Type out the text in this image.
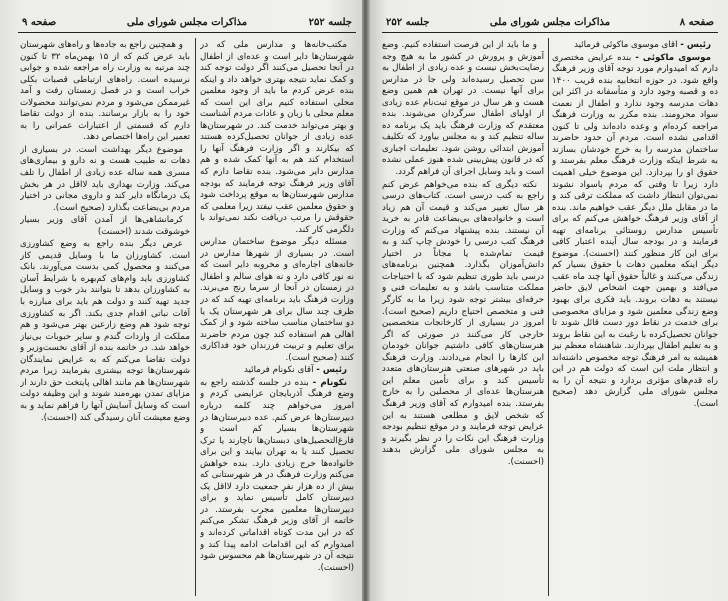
مذاکرات مجلس شورای ملی	جلسه ۲۵۲
صفحه ۹

مکتب‌خانه‌ها و مدارس ملی که در شهرستان‌ها دایر است و عده‌ای از اطفال در آنجا تحصیل می‌کنند اگر دولت توجه کند و کمک نماید نتیجه بهتری خواهد داد و اینکه بنده عرض کردم ما باید از وجود معلمین محلی استفاده کنیم برای این است که معلم محلی با زبان و عادات مردم آشناست و بهتر می‌تواند خدمت کند. در شهرستان‌ها عده زیادی از جوانان تحصیل‌کرده هستند که بیکارند و اگر وزارت فرهنگ آنها را استخدام کند هم به آنها کمک شده و هم مدارس دایر می‌شود. بنده تقاضا دارم که آقای وزیر فرهنگ توجه فرمایند که بودجه مدارس شهرستان‌ها به موقع پرداخت شود و حقوق معلمین عقب نیفتد زیرا معلمی که حقوقش را مرتب دریافت نکند نمی‌تواند با دلگرمی کار کند.

مسئله دیگر موضوع ساختمان مدارس است. در بسیاری از شهرها مدارس در خانه‌های اجاره‌ای و مخروبه دایر است که نه نور کافی دارد و نه هوای سالم و اطفال در زمستان در آنجا از سرما رنج می‌برند. وزارت فرهنگ باید برنامه‌ای تهیه کند که در ظرف چند سال برای هر شهرستان یک یا دو ساختمان مناسب ساخته شود و از کمک اهالی هم استفاده کند چون مردم حاضرند برای تعلیم و تربیت فرزندان خود فداکاری کنند (صحیح است).

رئیس - آقای نکونام فرمائید

نکونام - بنده در جلسه گذشته راجع به وضع فرهنگ آذربایجان عرایضی کردم و امروز می‌خواهم چند کلمه درباره دبیرستان‌ها عرض کنم. عده دبیرستان‌ها در شهرستان‌ها بسیار کم است و فارغ‌التحصیل‌های دبستان‌ها ناچارند یا ترک تحصیل کنند یا به تهران بیایند و این برای خانواده‌ها خرج زیادی دارد. بنده خواهش می‌کنم وزارت فرهنگ در هر شهرستانی که بیش از ده هزار نفر جمعیت دارد لااقل یک دبیرستان کامل تأسیس نماید و برای دبیرستان‌ها معلمین مجرب بفرستد. در خاتمه از آقای وزیر فرهنگ تشکر می‌کنم که در این مدت کوتاه اقداماتی کرده‌اند و امیدوارم که این اقدامات ادامه پیدا کند و نتیجه آن در شهرستان‌ها هم محسوس شود (احسنت).

و همچنین راجع به جاده‌ها و راه‌های شهرستان باید عرض کنم که از ۱۵ بهمن‌ماه ۳۲ تا کنون چند مرتبه به وزارت راه مراجعه شده و جوابی نرسیده است. راه‌های ارتباطی قصبات بکلی خراب است و در فصل زمستان رفت و آمد غیرممکن می‌شود و مردم نمی‌توانند محصولات خود را به بازار برسانند. بنده از دولت تقاضا دارم که قسمتی از اعتبارات عمرانی را به تعمیر این راه‌ها اختصاص دهد.

موضوع دیگر بهداشت است. در بسیاری از دهات نه طبیب هست و نه دارو و بیماری‌های مسری همه ساله عده زیادی از اطفال را تلف می‌کند. وزارت بهداری باید لااقل در هر بخش یک درمانگاه دایر کند و داروی مجانی در اختیار مردم بی‌بضاعت بگذارد (صحیح است).

کرمانشاهی‌ها از آمدن آقای وزیر بسیار خوشوقت شدند (احسنت)

عرض دیگر بنده راجع به وضع کشاورزی است. کشاورزان ما با وسایل قدیمی کار می‌کنند و محصول کمی بدست می‌آورند. بانک کشاورزی باید وام‌های کم‌بهره با شرایط آسان به کشاورزان بدهد تا بتوانند بذر خوب و وسایل جدید تهیه کنند و دولت هم باید برای مبارزه با آفات نباتی اقدام جدی بکند. اگر به کشاورزی توجه شود هم وضع زارعین بهتر می‌شود و هم مملکت از واردات گندم و سایر حبوبات بی‌نیاز خواهد شد. در خاتمه بنده از آقای نخست‌وزیر و دولت تقاضا می‌کنم که به عرایض نمایندگان شهرستان‌ها توجه بیشتری بفرمایند زیرا مردم شهرستان‌ها هم مانند اهالی پایتخت حق دارند از مزایای تمدن بهره‌مند شوند و این وظیفه دولت است که وسایل آسایش آنها را فراهم نماید و به وضع معیشت آنان رسیدگی کند (احسنت).

مذاکرات مجلس شورای ملی
جلسه ۲۵۲	صفحه ۸

رئیس - آقای موسوی ماکوئی فرمائید

موسوی ماکوئی - بنده عرایض مختصری دارم که امیدوارم مورد توجه آقای وزیر فرهنگ واقع شود. در حوزه انتخابیه بنده قریب ۱۴۰۰ ده و قصبه وجود دارد و متأسفانه در اکثر این دهات مدرسه وجود ندارد و اطفال از نعمت سواد محرومند. بنده مکرر به وزارت فرهنگ مراجعه کرده‌ام و وعده داده‌اند ولی تا کنون اقدامی نشده است. مردم آن حدود حاضرند ساختمان مدرسه را به خرج خودشان بسازند به شرط اینکه وزارت فرهنگ معلم بفرستد و حقوق او را بپردازد. این موضوع خیلی اهمیت دارد زیرا تا وقتی که مردم باسواد نشوند نمی‌توان انتظار داشت که مملکت ترقی کند و ما در مقابل ملل دیگر عقب خواهیم ماند. بنده از آقای وزیر فرهنگ خواهش می‌کنم که برای تأسیس مدارس روستائی برنامه‌ای تهیه فرمایند و در بودجه سال آینده اعتبار کافی برای این کار منظور کنند (احسنت). موضوع دیگر اینکه معلمین دهات با حقوق بسیار کم زندگی می‌کنند و غالباً حقوق آنها چند ماه عقب می‌افتد و بهمین جهت اشخاص لایق حاضر نیستند به دهات بروند. باید فکری برای بهبود وضع زندگی معلمین شود و مزایای مخصوصی برای خدمت در نقاط دور دست قائل شوند تا جوانان تحصیل‌کرده با رغبت به این نقاط بروند و به تعلیم اطفال بپردازند. شاهنشاه معظم نیز همیشه به امر فرهنگ توجه مخصوص داشته‌اند و انتظار ملت این است که دولت هم در این راه قدم‌های مؤثری بردارد و نتیجه آن را به مجلس شورای ملی گزارش دهد (صحیح است).

و ما باید از این فرصت استفاده کنیم. وضع آموزش و پرورش در کشور ما به هیچ وجه رضایت‌بخش نیست و عده زیادی از اطفال به سن تحصیل رسیده‌اند ولی جا در مدارس برای آنها نیست. در تهران هم همین وضع هست و هر سال در موقع ثبت‌نام عده زیادی از اولیای اطفال سرگردان می‌شوند. بنده معتقدم که وزارت فرهنگ باید یک برنامه ده ساله تنظیم کند و به مجلس بیاورد که تکلیف آموزش ابتدائی روشن شود. تعلیمات اجباری که در قانون پیش‌بینی شده هنوز عملی نشده است و باید وسایل اجرای آن فراهم گردد.

نکته دیگری که بنده می‌خواهم عرض کنم راجع به کتب درسی است. کتاب‌های درسی هر سال تغییر می‌کند و قیمت آن هم زیاد است و خانواده‌های بی‌بضاعت قادر به خرید آن نیستند. بنده پیشنهاد می‌کنم که وزارت فرهنگ کتب درسی را خودش چاپ کند و به قیمت تمام‌شده یا مجاناً در اختیار دانش‌آموزان بگذارد. همچنین برنامه‌های درسی باید طوری تنظیم شود که با احتیاجات مملکت متناسب باشد و به تعلیمات فنی و حرفه‌ای بیشتر توجه شود زیرا ما به کارگر فنی و متخصص احتیاج داریم (صحیح است). امروز در بسیاری از کارخانجات متخصصین خارجی کار می‌کنند در صورتی که اگر هنرستان‌های کافی داشتیم جوانان خودمان این کارها را انجام می‌دادند. وزارت فرهنگ باید در شهرهای صنعتی هنرستان‌های متعدد تأسیس کند و برای تأمین معلم این هنرستان‌ها عده‌ای از محصلین را به خارج بفرستد. بنده امیدوارم که آقای وزیر فرهنگ که شخص لایق و مطلعی هستند به این عرایض توجه فرمایند و در موقع تنظیم بودجه وزارت فرهنگ این نکات را در نظر بگیرند و به مجلس شورای ملی گزارش بدهند (احسنت).
